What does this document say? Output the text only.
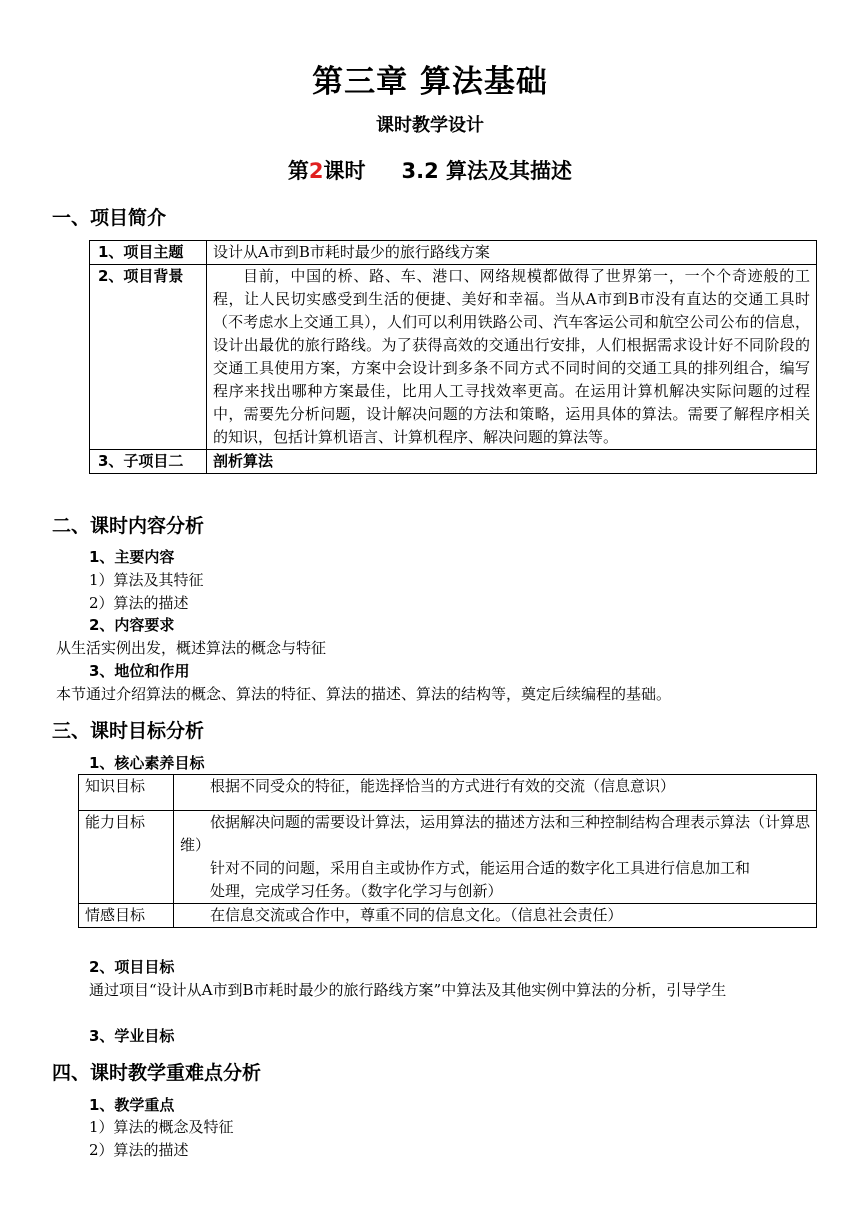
第三章 算法基础
课时教学设计
第2课时 3.2 算法及其描述
一、项目简介
1、项目主题	设计从A市到B市耗时最少的旅行路线方案
2、项目背景	目前，中国的桥、路、车、港口、网络规模都做得了世界第一，一个个奇迹般的工程，让人民切实感受到生活的便捷、美好和幸福。当从A市到B市没有直达的交通工具时（不考虑水上交通工具），人们可以利用铁路公司、汽车客运公司和航空公司公布的信息，设计出最优的旅行路线。为了获得高效的交通出行安排，人们根据需求设计好不同阶段的交通工具使用方案，方案中会设计到多条不同方式不同时间的交通工具的排列组合，编写程序来找出哪种方案最佳，比用人工寻找效率更高。在运用计算机解决实际问题的过程中，需要先分析问题，设计解决问题的方法和策略，运用具体的算法。需要了解程序相关的知识，包括计算机语言、计算机程序、解决问题的算法等。
3、子项目二	剖析算法
二、课时内容分析
1、主要内容
1）算法及其特征
2）算法的描述
2、内容要求
从生活实例出发，概述算法的概念与特征
3、地位和作用
本节通过介绍算法的概念、算法的特征、算法的描述、算法的结构等，奠定后续编程的基础。
三、课时目标分析
1、核心素养目标
知识目标	根据不同受众的特征，能选择恰当的方式进行有效的交流（信息意识）

能力目标	依据解决问题的需要设计算法，运用算法的描述方法和三种控制结构合理表示算法（计算思维）
针对不同的问题，采用自主或协作方式，能运用合适的数字化工具进行信息加工和
处理，完成学习任务。（数字化学习与创新）

情感目标	在信息交流或合作中，尊重不同的信息文化。（信息社会责任）
2、项目目标
通过项目“设计从A市到B市耗时最少的旅行路线方案”中算法及其他实例中算法的分析，引导学生
3、学业目标
四、课时教学重难点分析
1、教学重点
1）算法的概念及特征
2）算法的描述
